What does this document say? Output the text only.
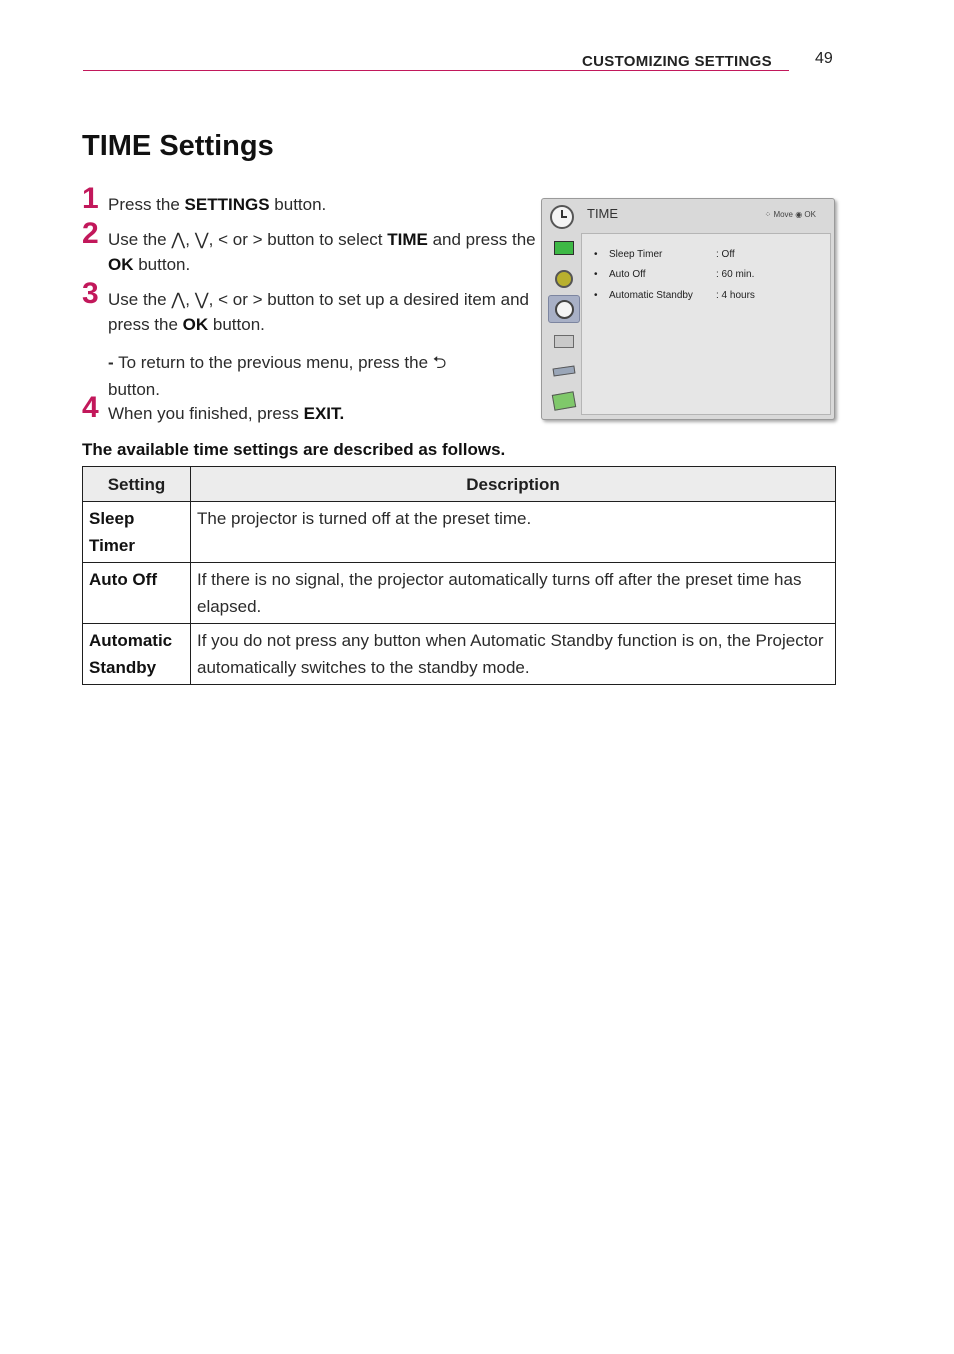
CUSTOMIZING SETTINGS	49
TIME Settings
1 Press the SETTINGS button.
2 Use the ⋀, ⋁, < or > button to select TIME and press the OK button.
3 Use the ⋀, ⋁, < or > button to set up a desired item and press the OK button.
- To return to the previous menu, press the ⮌
button.
4 When you finished, press EXIT.
TIME	⁘ Move ◉ OK
• Sleep Timer	: Off
• Auto Off	: 60 min.
• Automatic Standby : 4 hours
The available time settings are described as follows.
Setting	Description
Sleep Timer	The projector is turned off at the preset time.
Auto Off	If there is no signal, the projector automatically turns off after the preset time has elapsed.
Automatic Standby	If you do not press any button when Automatic Standby function is on, the Projector automatically switches to the standby mode.
